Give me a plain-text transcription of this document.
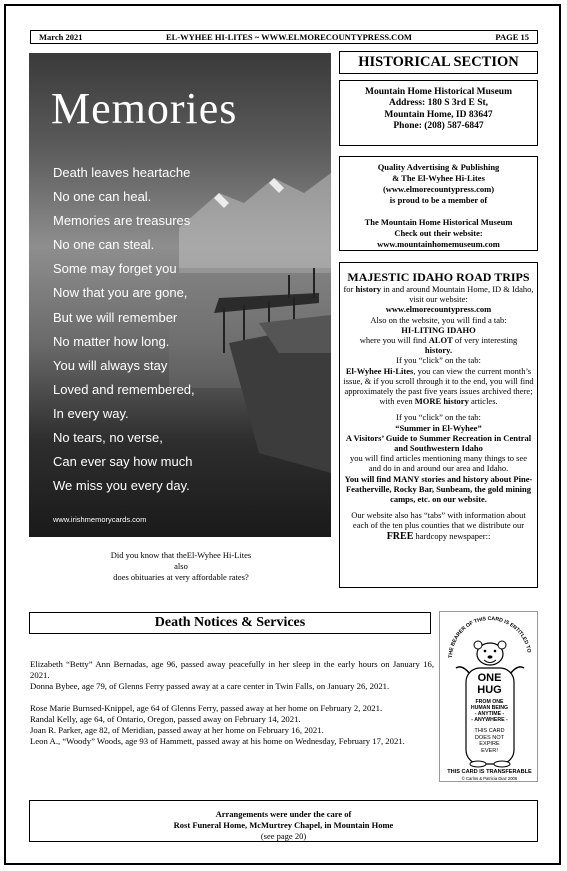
March 2021	EL-WYHEE HI-LITES ~ WWW.ELMORECOUNTYPRESS.COM	PAGE 15
Memories
Death leaves heartache
No one can heal.
Memories are treasures
No one can steal.
Some may forget you
Now that you are gone,
But we will remember
No matter how long.
You will always stay
Loved and remembered,
In every way.
No tears, no verse,
Can ever say how much
We miss you every day.
www.irishmemorycards.com
Did you know that theEl-Wyhee Hi-Lites
also
does obituaries at very affordable rates?
HISTORICAL SECTION
Mountain Home Historical Museum
Address: 180 S 3rd E St,
Mountain Home, ID 83647
Phone: (208) 587-6847
Quality Advertising & Publishing
& The El-Wyhee Hi-Lites
(www.elmorecountypress.com)
is proud to be a member of
The Mountain Home Historical Museum
Check out their website:
www.mountainhomemuseum.com
MAJESTIC IDAHO ROAD TRIPS
for history in and around Mountain Home, ID & Idaho,
visit our website:
www.elmorecountypress.com
Also on the website, you will find a tab:
HI-LITING IDAHO
where you will find ALOT of very interesting
history.
If you “click” on the tab:
El-Wyhee Hi-Lites, you can view the current month’s issue, & if you scroll through it to the end, you will find approximately the past five years issues archived there; with even MORE history articles.
If you “click” on the tab:
“Summer in El-Wyhee”
A Visitors’ Guide to Summer Recreation in Central and Southwestern Idaho
you will find articles mentioning many things to see and do in and around our area and Idaho.
You will find MANY stories and history about Pine-Featherville, Rocky Bar, Sunbeam, the gold mining camps, etc. on our website.
Our website also has “tabs” with information about each of the ten plus counties that we distribute our FREE hardcopy newspaper::
Death Notices & Services

Elizabeth “Betty” Ann Bernadas, age 96, passed away peacefully in her sleep in the early hours on January 16, 2021.

Donna Bybee, age 79, of Glenns Ferry passed away at a care center in Twin Falls, on January 26, 2021.

Rose Marie Burnsed-Knippel, age 64 of Glenns Ferry, passed away at her home on February 2, 2021.

Randal Kelly, age 64, of Ontario, Oregon, passed away on February 14, 2021.

Joan R. Parker, age 82, of Meridian, passed away at her home on February 16, 2021.

Leon A., “Woody” Woods, age 93 of Hammett, passed away at his home on Wednesday, February 17, 2021.

THE BEARER OF THIS CARD IS ENTITLED TO
ONE
HUG
FROM ONE
HUMAN BEING
- ANYTIME -
- ANYWHERE -
THIS CARD
DOES NOT
EXPIRE
EVER!
THIS CARD IS TRANSFERABLE
© Carlos & Patricia Diaz 2006
Arrangements were under the care of
Rost Funeral Home, McMurtrey Chapel, in Mountain Home
(see page 20)
